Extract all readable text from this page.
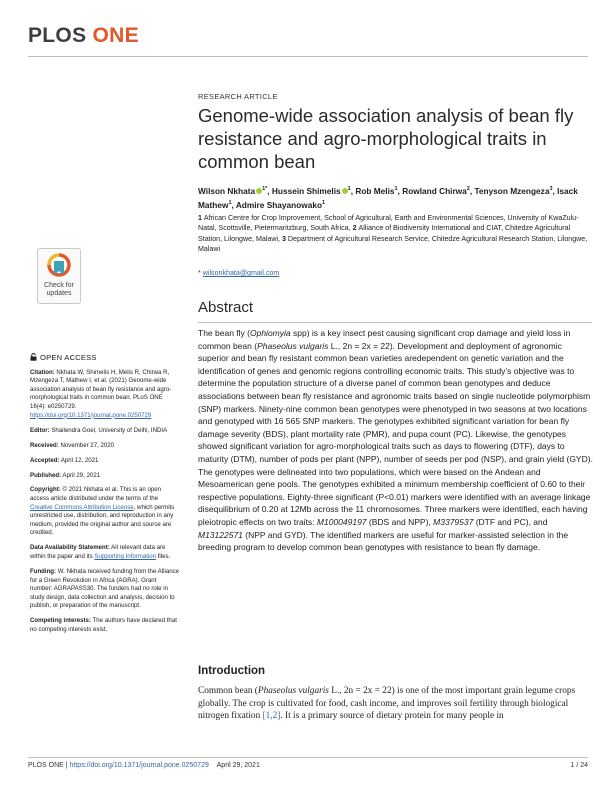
PLOS ONE
Check for
updates
RESEARCH ARTICLE
Genome-wide association analysis of bean fly resistance and agro-morphological traits in common bean
Wilson Nkhata $^{1*}$, Hussein Shimelis $^1$, Rob Melis$^1$, Rowland Chirwa$^2$, Tenyson Mzengeza$^3$, Isack Mathew$^1$, Admire Shayanowako$^1$
1 African Centre for Crop Improvement, School of Agricultural, Earth and Environmental Sciences, University of KwaZulu-Natal, Scottsville, Pietermaritzburg, South Africa, 2 Alliance of Biodiversity International and CIAT, Chitedze Agricultural Station, Lilongwe, Malawi, 3 Department of Agricultural Research Service, Chitedze Agricultural Research Station, Lilongwe, Malawi
* wilsonkhata@gmail.com

OPEN ACCESS

Citation: Nkhata W, Shimelis H, Melis R, Chirwa R, Mzengeza T, Mathew I, et al. (2021) Genome-wide association analysis of bean fly resistance and agro-morphological traits in common bean. PLoS ONE 16(4): e0250729. https://doi.org/10.1371/journal.pone.0250729

Editor: Shailendra Goel, University of Delhi, INDIA

Received: November 27, 2020

Accepted: April 12, 2021

Published: April 29, 2021

Copyright: © 2021 Nkhata et al. This is an open access article distributed under the terms of the Creative Commons Attribution License, which permits unrestricted use, distribution, and reproduction in any medium, provided the original author and source are credited.

Data Availability Statement: All relevant data are within the paper and its Supporting Information files.

Funding: W. Nkhata received funding from the Alliance for a Green Revolution in Africa (AGRA). Grant number: AGRAPASS30. The funders had no role in study design, data collection and analysis, decision to publish, or preparation of the manuscript.

Competing interests: The authors have declared that no competing interests exist.

Abstract
The bean fly (Ophiomyia spp) is a key insect pest causing significant crop damage and yield loss in common bean (Phaseolus vulgaris L., 2n = 2x = 22). Development and deployment of agronomic superior and bean fly resistant common bean varieties aredependent on genetic variation and the identification of genes and genomic regions controlling economic traits. This study’s objective was to determine the population structure of a diverse panel of common bean genotypes and deduce associations between bean fly resistance and agronomic traits based on single nucleotide polymorphism (SNP) markers. Ninety-nine common bean genotypes were phenotyped in two seasons at two locations and genotyped with 16 565 SNP markers. The genotypes exhibited significant variation for bean fly damage severity (BDS), plant mortality rate (PMR), and pupa count (PC). Likewise, the genotypes showed significant variation for agro-morphological traits such as days to flowering (DTF), days to maturity (DTM), number of pods per plant (NPP), number of seeds per pod (NSP), and grain yield (GYD). The genotypes were delineated into two populations, which were based on the Andean and Mesoamerican gene pools. The genotypes exhibited a minimum membership coefficient of 0.60 to their respective populations. Eighty-three significant (P<0.01) markers were identified with an average linkage disequilibrium of 0.20 at 12Mb across the 11 chromosomes. Three markers were identified, each having pleiotropic effects on two traits: M100049197 (BDS and NPP), M3379537 (DTF and PC), and M13122571 (NPP and GYD). The identified markers are useful for marker-assisted selection in the breeding program to develop common bean genotypes with resistance to bean fly damage.
Introduction
Common bean (Phaseolus vulgaris L., 2n = 2x = 22) is one of the most important grain legume crops globally. The crop is cultivated for food, cash income, and improves soil fertility through biological nitrogen fixation [1,2]. It is a primary source of dietary protein for many people in
PLOS ONE | https://doi.org/10.1371/journal.pone.0250729 April 29, 2021	1 / 24
